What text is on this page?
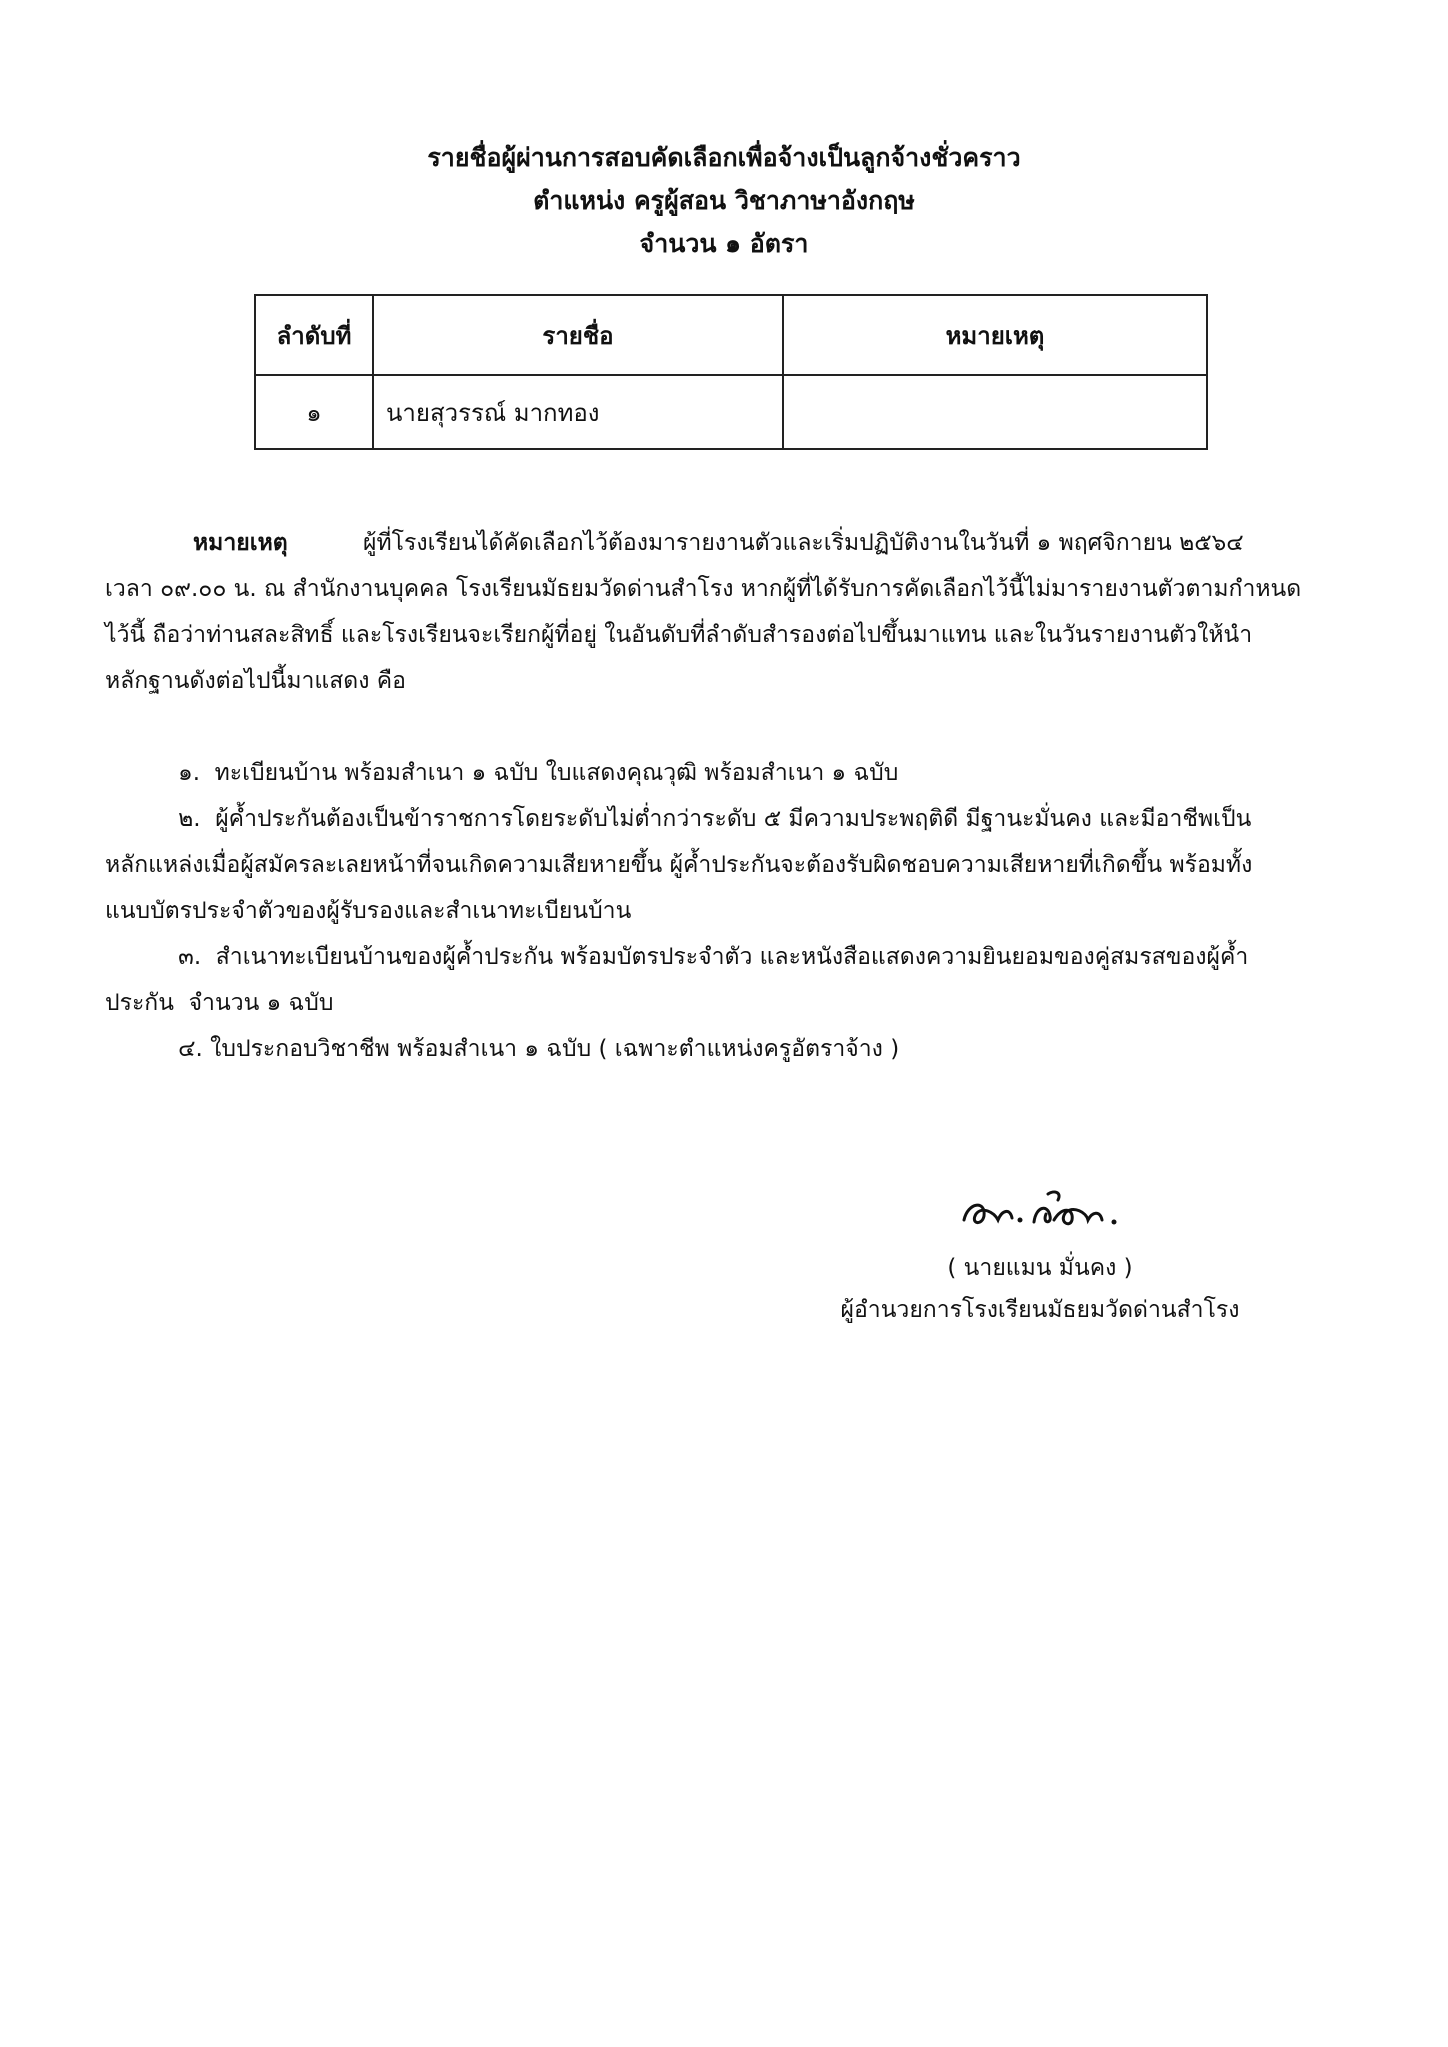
รายชื่อผู้ผ่านการสอบคัดเลือกเพื่อจ้างเป็นลูกจ้างชั่วคราว
ตำแหน่ง ครูผู้สอน วิชาภาษาอังกฤษ
จำนวน ๑ อัตรา
ลำดับที่	รายชื่อ	หมายเหตุ
๑	นายสุวรรณ์ มากทอง	
หมายเหตุ	ผู้ที่โรงเรียนได้คัดเลือกไว้ต้องมารายงานตัวและเริ่มปฏิบัติงานในวันที่ ๑ พฤศจิกายน ๒๕๖๔
เวลา ๐๙.๐๐ น. ณ สำนักงานบุคคล โรงเรียนมัธยมวัดด่านสำโรง หากผู้ที่ได้รับการคัดเลือกไว้นี้ไม่มารายงานตัวตามกำหนด
ไว้นี้ ถือว่าท่านสละสิทธิ์ และโรงเรียนจะเรียกผู้ที่อยู่ ในอันดับที่ลำดับสำรองต่อไปขึ้นมาแทน และในวันรายงานตัวให้นำ
หลักฐานดังต่อไปนี้มาแสดง คือ
๑.  ทะเบียนบ้าน พร้อมสำเนา ๑ ฉบับ ใบแสดงคุณวุฒิ พร้อมสำเนา ๑ ฉบับ
๒.  ผู้ค้ำประกันต้องเป็นข้าราชการโดยระดับไม่ต่ำกว่าระดับ ๕ มีความประพฤติดี มีฐานะมั่นคง และมีอาชีพเป็น
หลักแหล่งเมื่อผู้สมัครละเลยหน้าที่จนเกิดความเสียหายขึ้น ผู้ค้ำประกันจะต้องรับผิดชอบความเสียหายที่เกิดขึ้น พร้อมทั้ง
แนบบัตรประจำตัวของผู้รับรองและสำเนาทะเบียนบ้าน
๓.  สำเนาทะเบียนบ้านของผู้ค้ำประกัน พร้อมบัตรประจำตัว และหนังสือแสดงความยินยอมของคู่สมรสของผู้ค้ำ
ประกัน  จำนวน ๑ ฉบับ
๔. ใบประกอบวิชาชีพ พร้อมสำเนา ๑ ฉบับ ( เฉพาะตำแหน่งครูอัตราจ้าง )
( นายแมน มั่นคง )
ผู้อำนวยการโรงเรียนมัธยมวัดด่านสำโรง
